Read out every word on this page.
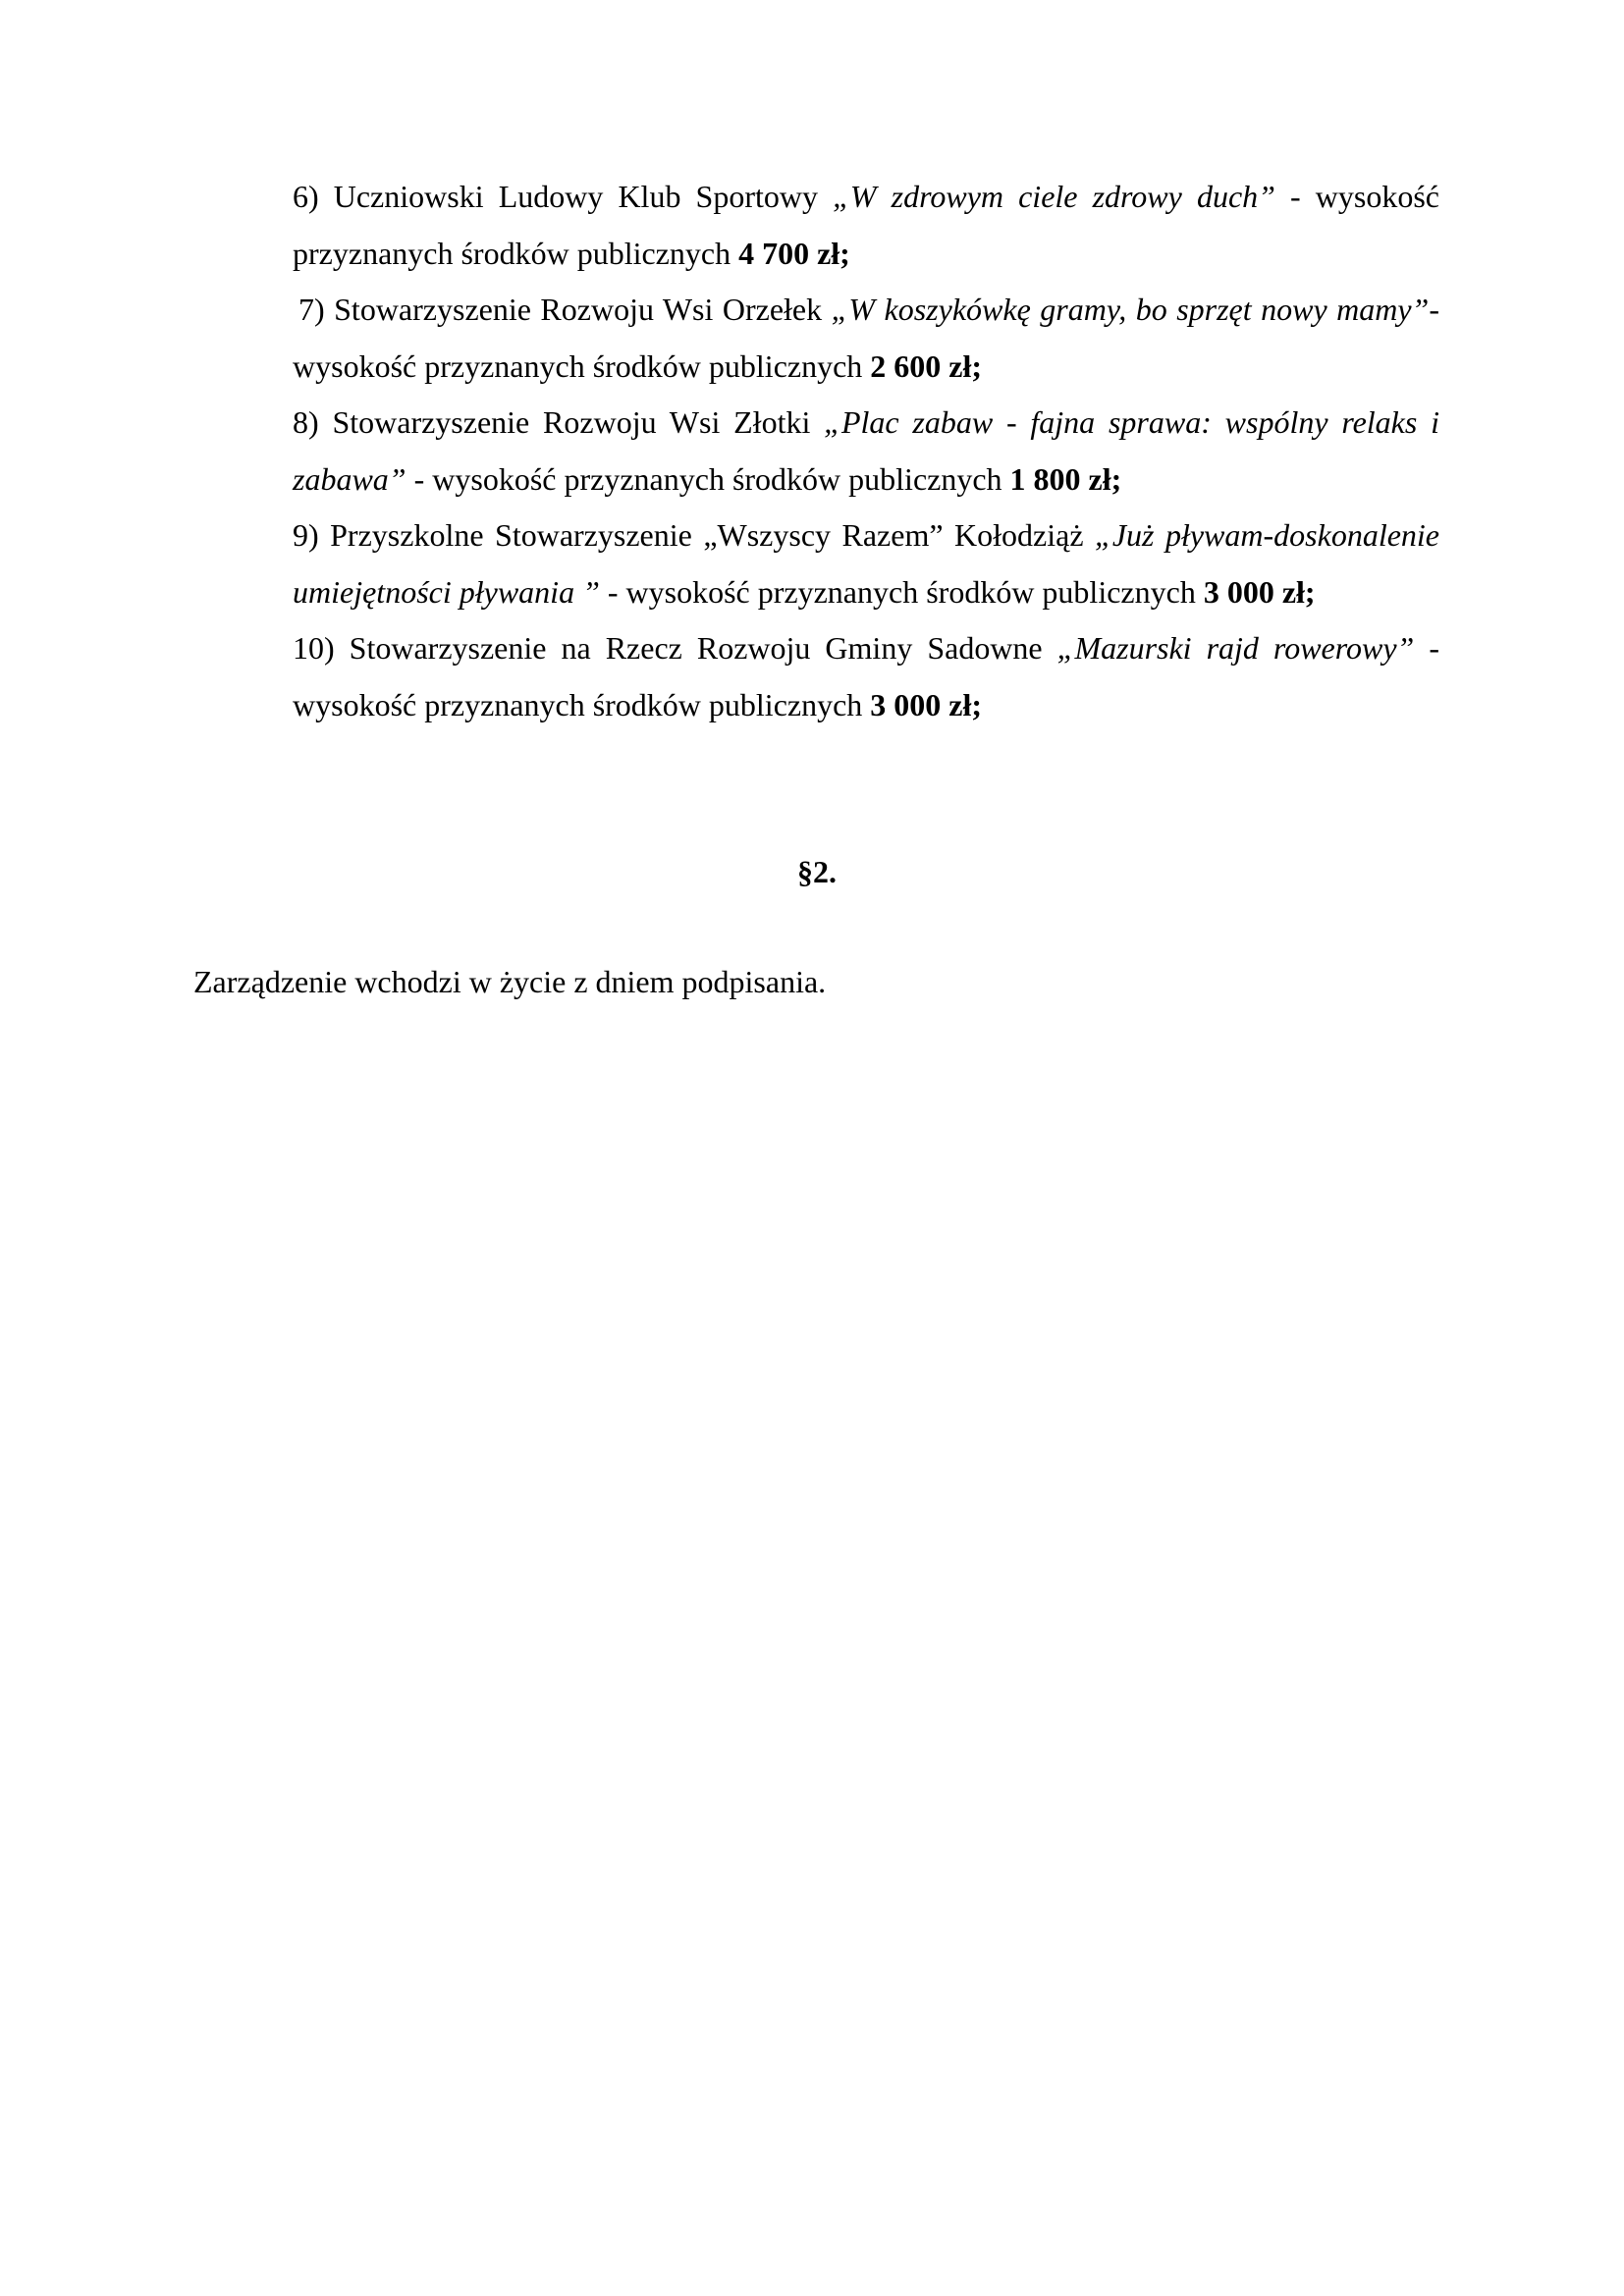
6) Uczniowski Ludowy Klub Sportowy „W zdrowym ciele zdrowy duch” - wysokość przyznanych środków publicznych 4 700 zł;

7) Stowarzyszenie Rozwoju Wsi Orzełek „W koszykówkę gramy, bo sprzęt nowy mamy”- wysokość przyznanych środków publicznych 2 600 zł;

8) Stowarzyszenie Rozwoju Wsi Złotki „Plac zabaw - fajna sprawa: wspólny relaks i zabawa” - wysokość przyznanych środków publicznych 1 800 zł;

9) Przyszkolne Stowarzyszenie „Wszyscy Razem” Kołodziąż „Już pływam-doskonalenie umiejętności pływania ” - wysokość przyznanych środków publicznych 3 000 zł;

10) Stowarzyszenie na Rzecz Rozwoju Gminy Sadowne „Mazurski rajd rowerowy” - wysokość przyznanych środków publicznych 3 000 zł;

§2.
Zarządzenie wchodzi w życie z dniem podpisania.
